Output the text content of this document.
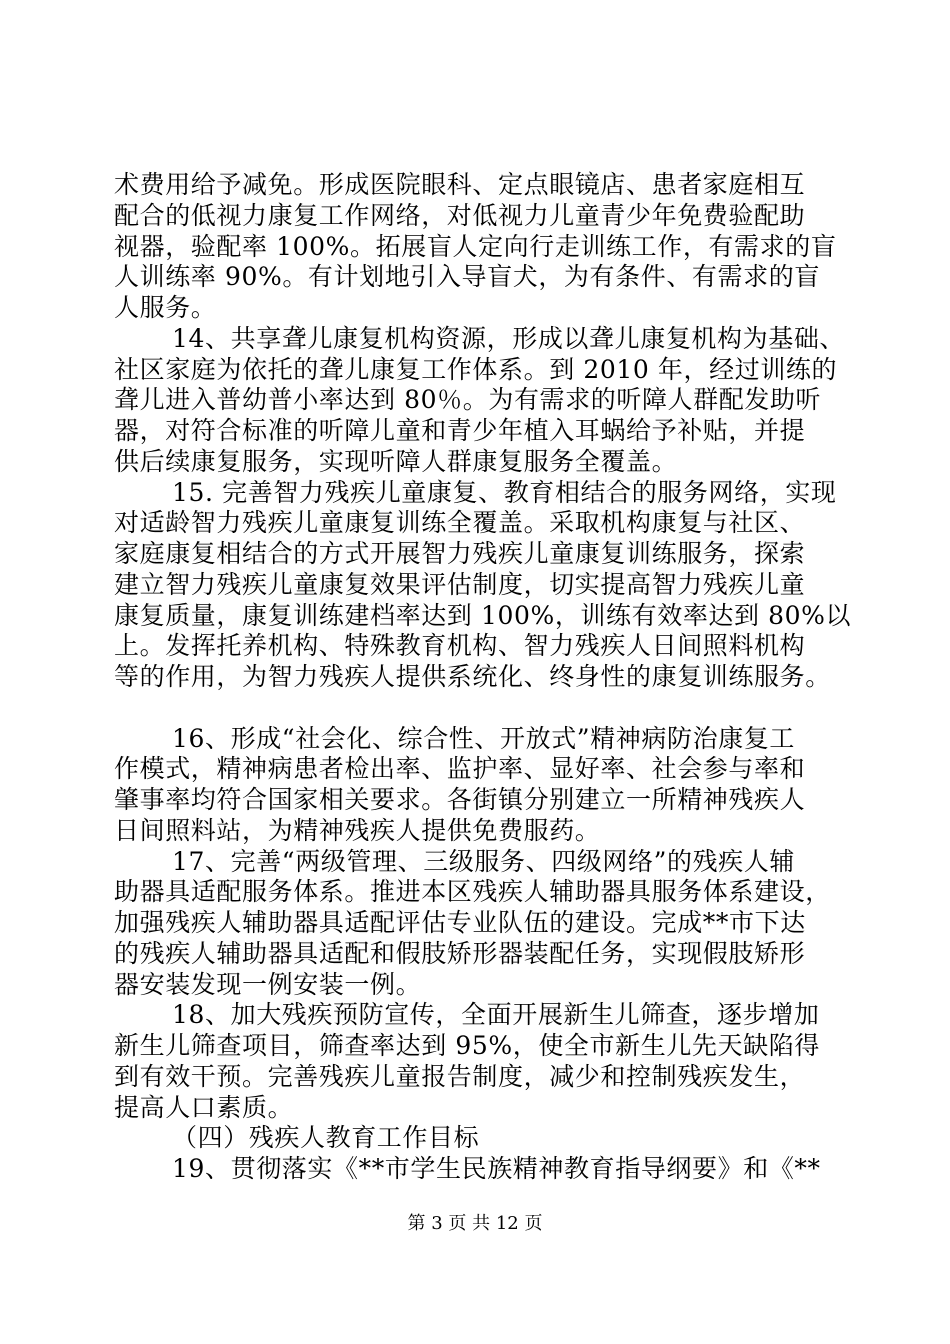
术费用给予减免。形成医院眼科、定点眼镜店、患者家庭相互
配合的低视力康复工作网络，对低视力儿童青少年免费验配助
视器，验配率 100%。拓展盲人定向行走训练工作，有需求的盲
人训练率 90%。有计划地引入导盲犬，为有条件、有需求的盲
人服务。
14、共享聋儿康复机构资源，形成以聋儿康复机构为基础、
社区家庭为依托的聋儿康复工作体系。到 2010 年，经过训练的
聋儿进入普幼普小率达到 80％。为有需求的听障人群配发助听
器，对符合标准的听障儿童和青少年植入耳蜗给予补贴，并提
供后续康复服务，实现听障人群康复服务全覆盖。
15. 完善智力残疾儿童康复、教育相结合的服务网络，实现
对适龄智力残疾儿童康复训练全覆盖。采取机构康复与社区、
家庭康复相结合的方式开展智力残疾儿童康复训练服务，探索
建立智力残疾儿童康复效果评估制度，切实提高智力残疾儿童
康复质量，康复训练建档率达到 100%，训练有效率达到 80%以
上。发挥托养机构、特殊教育机构、智力残疾人日间照料机构
等的作用，为智力残疾人提供系统化、终身性的康复训练服务。
16、形成“社会化、综合性、开放式”精神病防治康复工
作模式，精神病患者检出率、监护率、显好率、社会参与率和
肇事率均符合国家相关要求。各街镇分别建立一所精神残疾人
日间照料站，为精神残疾人提供免费服药。
17、完善“两级管理、三级服务、四级网络”的残疾人辅
助器具适配服务体系。推进本区残疾人辅助器具服务体系建设，
加强残疾人辅助器具适配评估专业队伍的建设。完成**市下达
的残疾人辅助器具适配和假肢矫形器装配任务，实现假肢矫形
器安装发现一例安装一例。
18、加大残疾预防宣传，全面开展新生儿筛查，逐步增加
新生儿筛查项目，筛查率达到 95%，使全市新生儿先天缺陷得
到有效干预。完善残疾儿童报告制度，减少和控制残疾发生，
提高人口素质。
（四）残疾人教育工作目标
19、贯彻落实《**市学生民族精神教育指导纲要》和《**
第 3 页 共 12 页
